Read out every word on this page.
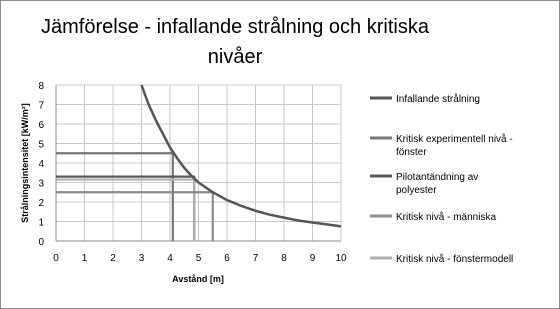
Jämförelse - infallande strålning och kritiska nivåer
0 1 2 3 4 5 6 7 8 9 10
0
1
2
3
4
5
6
7
8
Avstånd [m]
Strålningsintensitet [kW/m²]
Infallande strålning
Kritisk experimentell nivå -
fönster
Pilotantändning av
polyester
Kritisk nivå - människa
Kritisk nivå - fönstermodell
